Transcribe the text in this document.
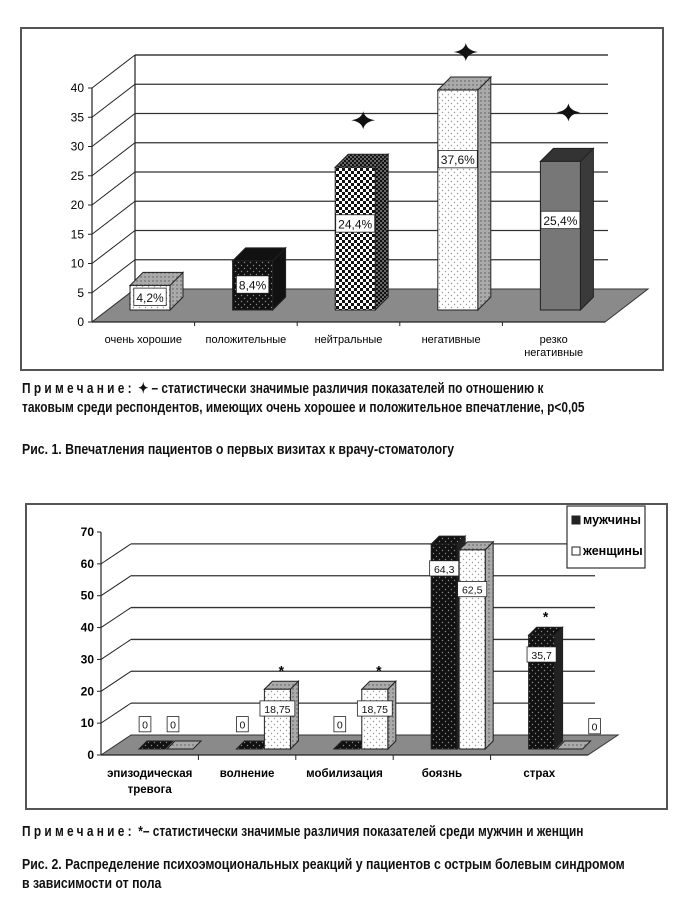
0
5
10
15
20
25
30
35
40
4,2%
очень хорошие
8,4%
положительные
24,4%
нейтральные
37,6%
негативные
25,4%
резко
негативные
Примечание: ✦ – статистически значимые различия показателей по отношению к
таковым среди респондентов, имеющих очень хорошее и положительное впечатление, p<0,05
Рис. 1. Впечатления пациентов о первых визитах к врачу-стоматологу
0
10
20
30
40
50
60
70
эпизодическая
тревога
0 0
волнение
0
18,75
*
мобилизация
0
18,75
*
боязнь
64,3
62,5
страх
35,7
0
*
мужчины
женщины
Примечание: *– статистически значимые различия показателей среди мужчин и женщин
Рис. 2. Распределение психоэмоциональных реакций у пациентов с острым болевым синдромом
в зависимости от пола
